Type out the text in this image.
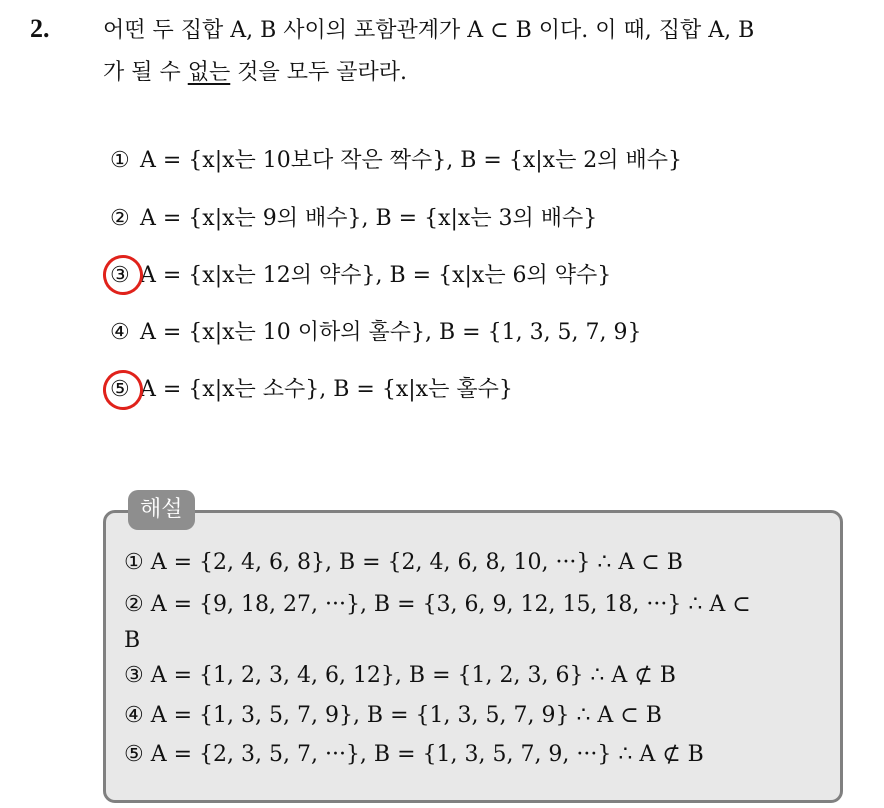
2. 어떤 두 집합 A, B 사이의 포함관계가 A ⊂ B 이다. 이 때, 집합 A, B
가 될 수 없는 것을 모두 골라라.
① A = {x|x는 10보다 작은 짝수}, B = {x|x는 2의 배수}
② A = {x|x는 9의 배수}, B = {x|x는 3의 배수}
③ A = {x|x는 12의 약수}, B = {x|x는 6의 약수}
④ A = {x|x는 10 이하의 홀수}, B = {1, 3, 5, 7, 9}
⑤ A = {x|x는 소수}, B = {x|x는 홀수}
해설
① A = {2, 4, 6, 8}, B = {2, 4, 6, 8, 10, ···} ∴ A ⊂ B
② A = {9, 18, 27, ···}, B = {3, 6, 9, 12, 15, 18, ···} ∴ A ⊂
B
③ A = {1, 2, 3, 4, 6, 12}, B = {1, 2, 3, 6} ∴ A ⊄ B
④ A = {1, 3, 5, 7, 9}, B = {1, 3, 5, 7, 9} ∴ A ⊂ B
⑤ A = {2, 3, 5, 7, ···}, B = {1, 3, 5, 7, 9, ···} ∴ A ⊄ B
